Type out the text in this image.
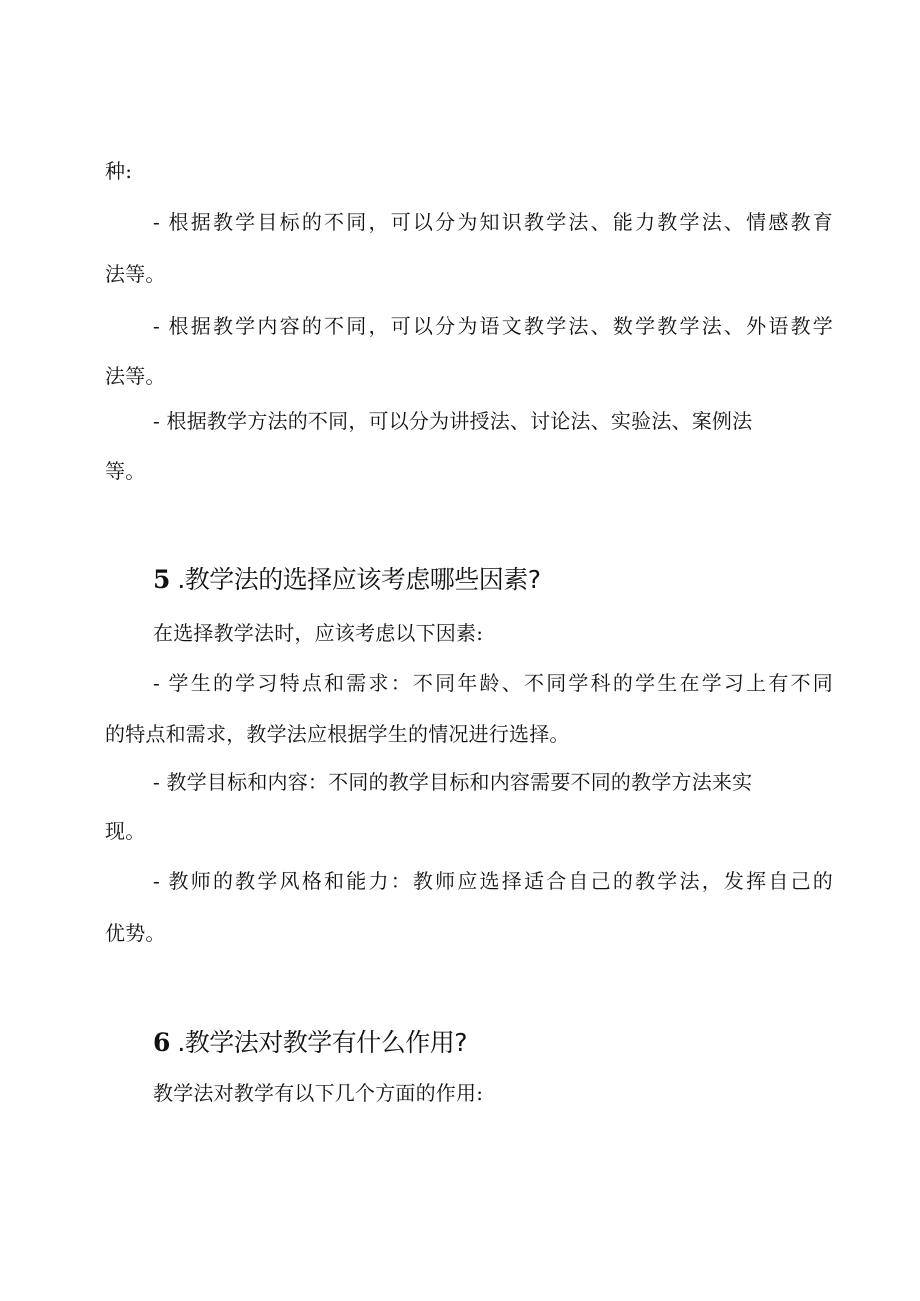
种:
- 根据教学目标的不同，可以分为知识教学法、能力教学法、情感教育
法等。
- 根据教学内容的不同，可以分为语文教学法、数学教学法、外语教学
法等。
- 根据教学方法的不同，可以分为讲授法、讨论法、实验法、案例法
等。
5 .教学法的选择应该考虑哪些因素?
在选择教学法时，应该考虑以下因素:
- 学生的学习特点和需求：不同年龄、不同学科的学生在学习上有不同
的特点和需求，教学法应根据学生的情况进行选择。
- 教学目标和内容：不同的教学目标和内容需要不同的教学方法来实
现。
- 教师的教学风格和能力：教师应选择适合自己的教学法，发挥自己的
优势。
6 .教学法对教学有什么作用?
教学法对教学有以下几个方面的作用:
